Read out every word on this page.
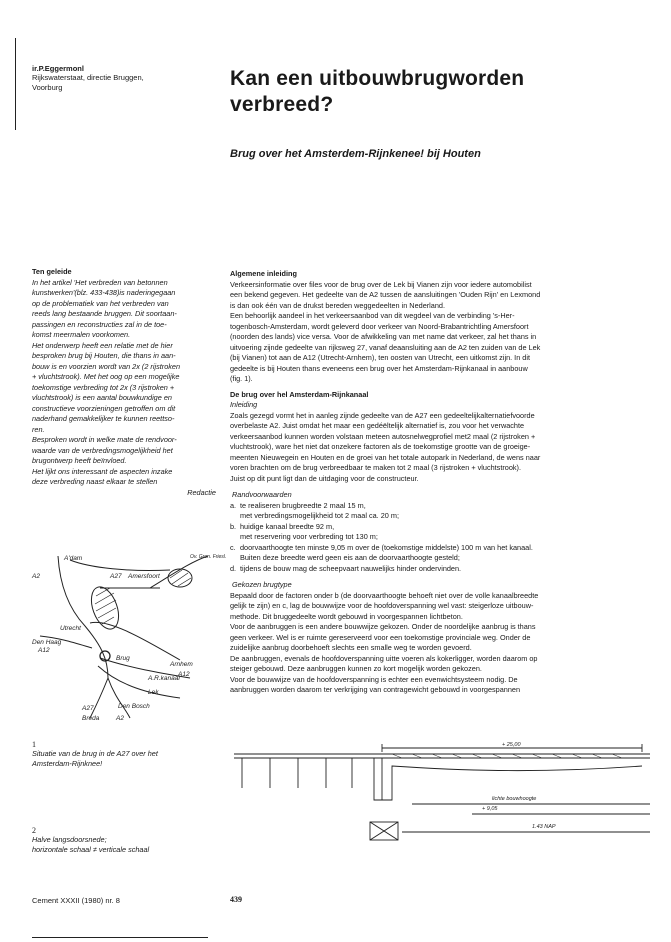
ir.P.Eggermonl
Rijkswaterstaat, directie Bruggen,
Voorburg	Kan een uitbouwbrugworden
verbreed?
Brug over het Amsterdem-Rijnkenee! bij Houten

Ten geleide

In het artikel 'Het verbreden van betonnen
kunstwerken'(blz. 433-438)is naderingegaan
op de problematiek van het verbreden van
reeds lang bestaande bruggen. Dit soortaan-
passingen en reconstructies zal in de toe-
komst meermalen voorkomen.
Het onderwerp heeft een relatie met de hier
besproken brug bij Houten, die thans in aan-
bouw is en voorzien wordt van 2x (2 rijstroken
+ vluchtstrook). Met het oog op een mogelijke
toekomstige verbreding tot 2x (3 rijstroken +
vluchtstrook) is een aantal bouwkundige en
constructieve voorzieningen getroffen om dit
naderhand gemakkelijker te kunnen reettso-
ren.
Besproken wordt in welke mate de rendvoor-
waarde van de verbredingsmogelijkheid het
brugontwerp heeft beïnvloed.
Het lijkt ons interessant de aspecten inzake
deze verbreding naast elkaar te stellen

Redactie

Algemene inleiding

Verkeersinformatie over files voor de brug over de Lek bij Vianen zijn voor iedere automobilist
een bekend gegeven. Het gedeelte van de A2 tussen de aansluitingen 'Ouden Rijn' en Lexmond
is dan ook één van de drukst bereden weggedeelten in Nederland.
Een behoorlijk aandeel in het verkeersaanbod van dit wegdeel van de verbinding 's-Her-
togenbosch-Amsterdam, wordt geleverd door verkeer van Noord-Brabantrichtling Amersfoort
(noorden des lands) vice versa. Voor de afwikkeling van met name dat verkeer, zal het thans in
uitvoering zijnde gedeelte van rijksweg 27, vanaf deaansluiting aan de A2 ten zuiden van de Lek
(bij Vianen) tot aan de A12 (Utrecht-Arnhem), ten oosten van Utrecht, een uitkomst zijn. In dit
gedeelte is bij Houten thans eveneens een brug over het Amsterdam-Rijnkanaal in aanbouw
(fig. 1).

De brug over hel Amsterdam-Rijnkanaal

Inleiding

Zoals gezegd vormt het in aanleg zijnde gedeelte van de A27 een gedeeltelijkalternatiefvoorde
overbelaste A2. Juist omdat het maar een gedéëltelijk alternatief is, zou voor het verwachte
verkeersaanbod kunnen worden volstaan meteen autosnelwegprofiel met2 maal (2 rijstroken +
vluchtstrook), ware het niet dat onzekere factoren als de toekomstige grootte van de groeige-
meenten Nieuwegein en Houten en de groei van het totale autopark in Nederland, de wens naar
voren brachten om de brug verbreedbaar te maken tot 2 maal (3 rijstroken + vluchtstrook).
Juist op dit punt ligt dan de uitdaging voor de constructeur.

Randvoorwaarden

a. te realiseren brugbreedte 2 maal 15 m,
met verbredingsmogelijkheid tot 2 maal ca. 20 m;
b. huidige kanaal breedte 92 m,
met reservering voor verbreding tot 130 m;
c. doorvaarthoogte ten minste 9,05 m over de (toekomstige middelste) 100 m van het kanaal.
Buiten deze breedte werd geen eis aan de doorvaarthoogte gesteld;
d. tijdens de bouw mag de scheepvaart nauwelijks hinder ondervinden.

Gekozen brugtype

Bepaald door de factoren onder b (de doorvaarthoogte behoeft niet over de volle kanaalbreedte
gelijk te zijn) en c, lag de bouwwijze voor de hoofdoverspanning wel vast: steigerloze uitbouw-
methode. Dit bruggedeelte wordt gebouwd in voorgespannen lichtbeton.
Voor de aanbruggen is een andere bouwwijze gekozen. Onder de noordelijke aanbrug is thans
geen verkeer. Wel is er ruimte gereserveerd voor een toekomstige provinciale weg. Onder de
zuidelijke aanbrug doorbehoeft slechts een smalle weg te worden gevoerd.
De aanbruggen, evenals de hoofdoverspanning uitte voeren als kokerligger, worden daarom op
steiger gebouwd. Deze aanbruggen kunnen zo kort mogelijk worden gekozen.
Voor de bouwwijze van de hoofdoverspanning is echter een evenwichtsysteem nodig. De
aanbruggen worden daarom ter verkrijging van contragewicht gebouwd in voorgespannen
A'dam
A27 Amersfoort
Ov. Gron. Friesl.
A2
Utrecht
Arnhem
A12
Den Haag
A12
Brug
A.R.kanaal
Lek
A27	Den Bosch
Breda	A2
1
Situatie van de brug in de A27 over het
Amsterdam-Rijnknee!
2
Halve langsdoorsnede;
horizontale schaal ≠ verticale schaal
+ 25,00
lichte bouwhoogte
+ 9,05
1.43 NAP
Cement XXXII (1980) nr. 8	439
